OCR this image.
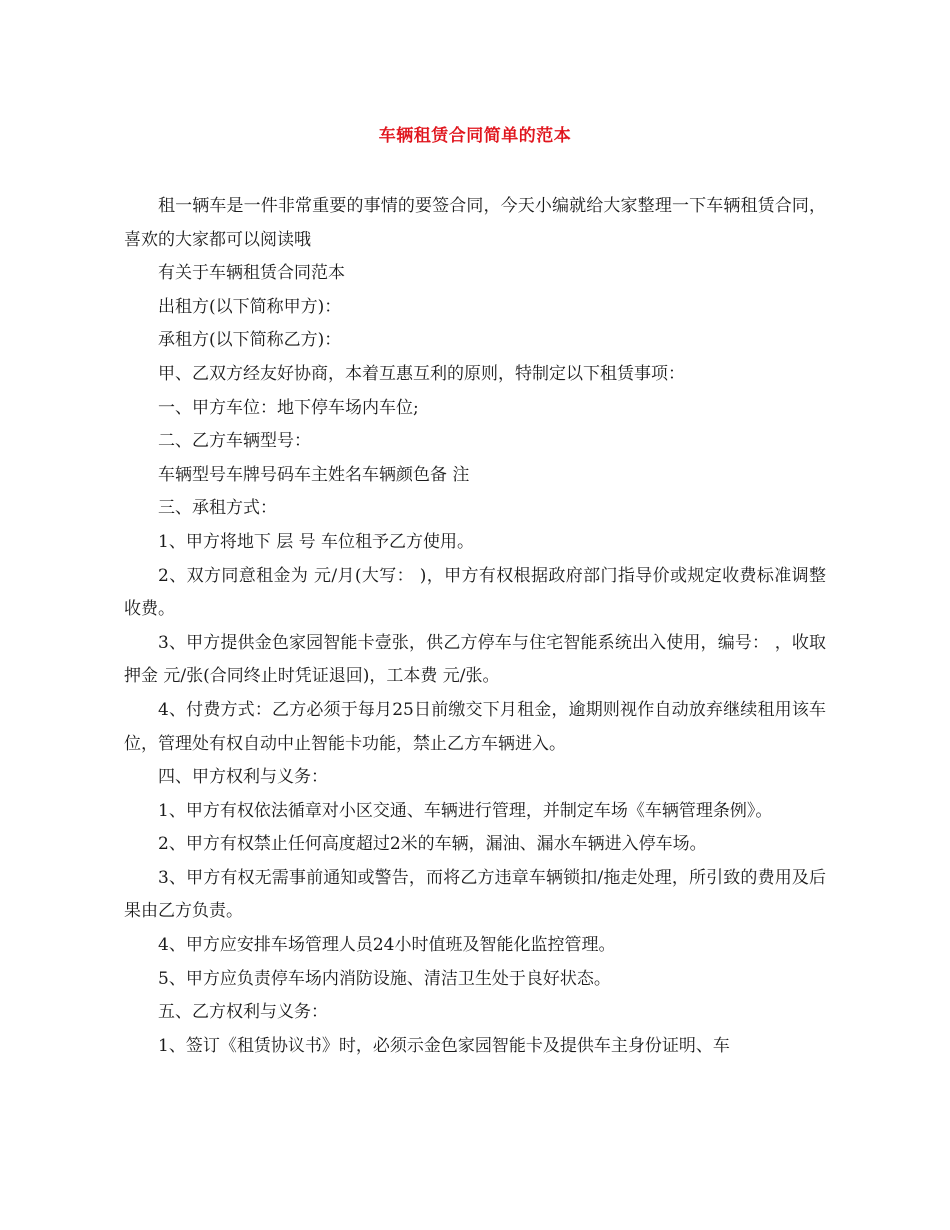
车辆租赁合同简单的范本

租一辆车是一件非常重要的事情的要签合同，今天小编就给大家整理一下车辆租赁合同，喜欢的大家都可以阅读哦

有关于车辆租赁合同范本

出租方(以下简称甲方)：

承租方(以下简称乙方)：

甲、乙双方经友好协商，本着互惠互利的原则，特制定以下租赁事项：

一、甲方车位：地下停车场内车位;

二、乙方车辆型号：

车辆型号车牌号码车主姓名车辆颜色备 注

三、承租方式：

1、甲方将地下 层 号 车位租予乙方使用。

2、双方同意租金为 元/月(大写： )，甲方有权根据政府部门指导价或规定收费标准调整收费。

3、甲方提供金色家园智能卡壹张，供乙方停车与住宅智能系统出入使用，编号： ，收取押金 元/张(合同终止时凭证退回)，工本费 元/张。

4、付费方式：乙方必须于每月25日前缴交下月租金，逾期则视作自动放弃继续租用该车位，管理处有权自动中止智能卡功能，禁止乙方车辆进入。

四、甲方权利与义务：

1、甲方有权依法循章对小区交通、车辆进行管理，并制定车场《车辆管理条例》。

2、甲方有权禁止任何高度超过2米的车辆，漏油、漏水车辆进入停车场。

3、甲方有权无需事前通知或警告，而将乙方违章车辆锁扣/拖走处理，所引致的费用及后果由乙方负责。

4、甲方应安排车场管理人员24小时值班及智能化监控管理。

5、甲方应负责停车场内消防设施、清洁卫生处于良好状态。

五、乙方权利与义务：

1、签订《租赁协议书》时，必须示金色家园智能卡及提供车主身份证明、车
